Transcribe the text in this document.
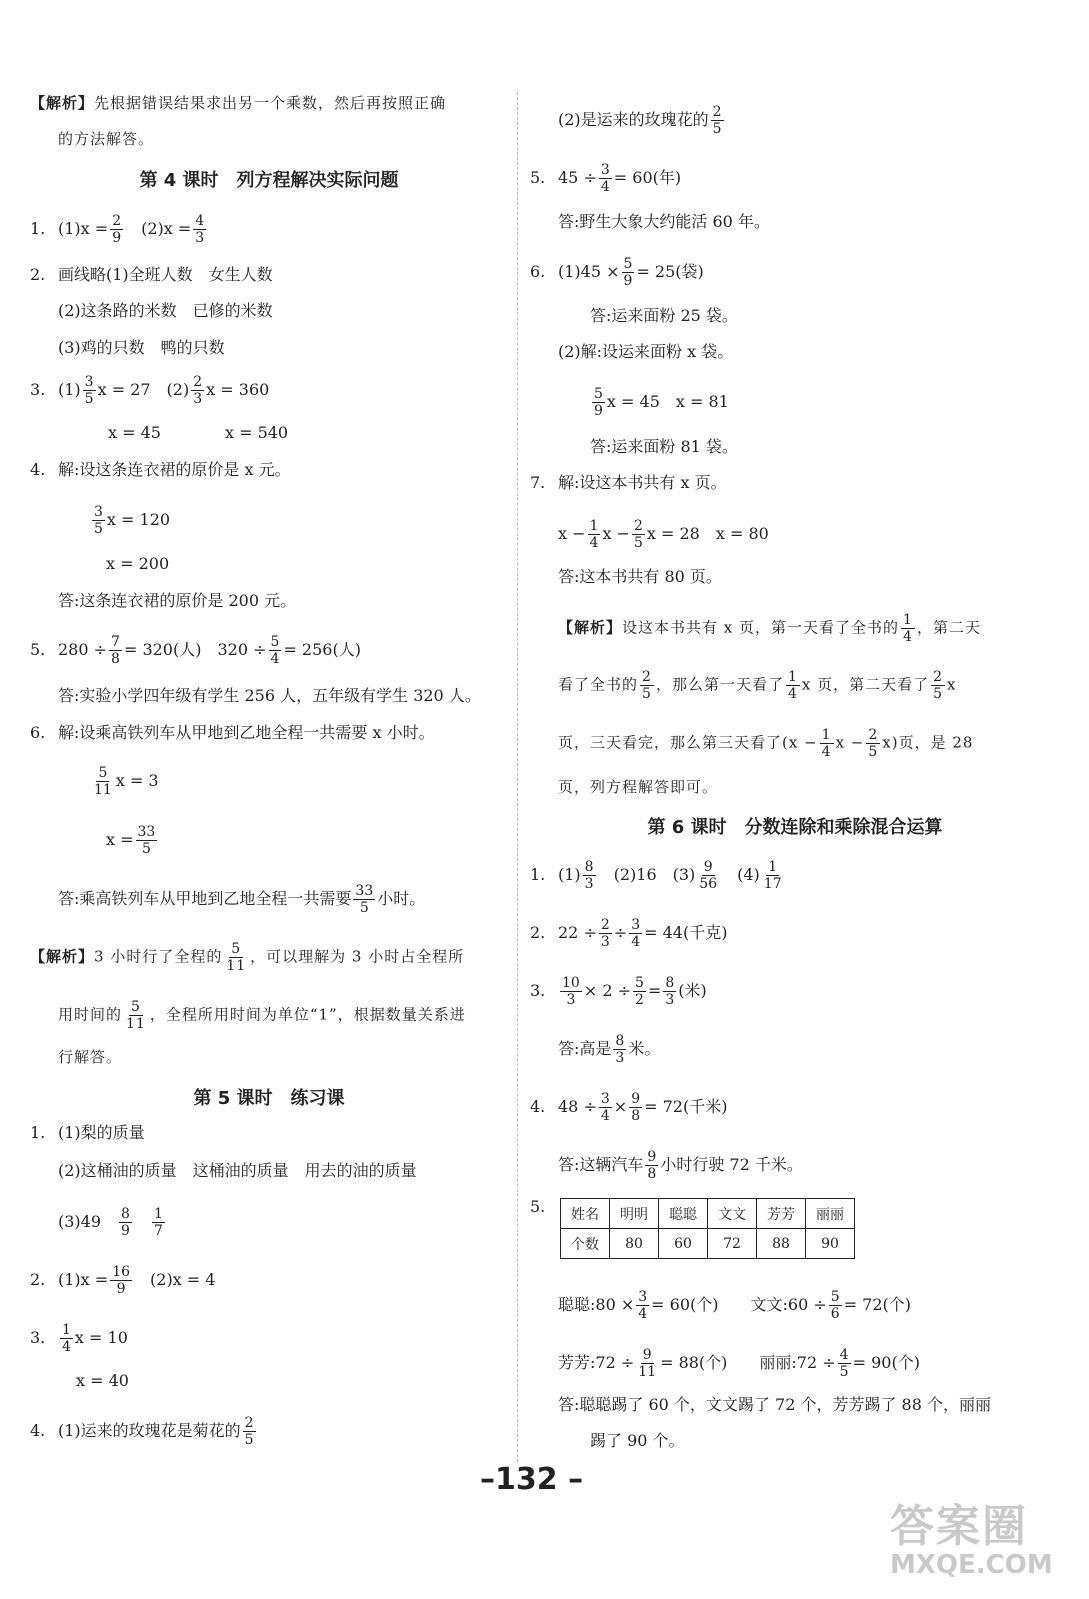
【解析】先根据错误结果求出另一个乘数，然后再按照正确
的方法解答。
第 4 课时　列方程解决实际问题
1. $(1)x = \frac{2}{9}$ 　$(2)x = \frac{4}{3}$
2. 画线略(1)全班人数　女生人数
(2)这条路的米数　已修的米数
(3)鸡的只数　鸭的只数
3. $(1) \frac{3}{5}$ x = 27　$(2) \frac{2}{3}$ x = 360
x = 45　　　　x = 540
4. 解:设这条连衣裙的原价是 x 元。
$\frac{3}{5}$ x = 120
x = 200
答:这条连衣裙的原价是 200 元。
5. $280 \div \frac{7}{8} = 320$(人)　$320 \div \frac{5}{4} = 256$(人)
答:实验小学四年级有学生 256 人，五年级有学生 320 人。
6. 解:设乘高铁列车从甲地到乙地全程一共需要 x 小时。
$\frac{5}{11}$ x = 3
$x = \frac{33}{5}$
答:乘高铁列车从甲地到乙地全程一共需要 $\frac{33}{5}$ 小时。
【解析】3 小时行了全程的 $\frac{5}{11}$ ，可以理解为 3 小时占全程所
用时间的 $\frac{5}{11}$ ，全程所用时间为单位“1”，根据数量关系进
行解答。
第 5 课时　练习课
1. (1)梨的质量
(2)这桶油的质量　这桶油的质量　用去的油的质量
(3)49　 $\frac{8}{9}$
　 $\frac{1}{7}$
2. $(1)x = \frac{16}{9}$ 　(2)x = 4
3. $\frac{1}{4}$ x = 10
x = 40
4. (1)运来的玫瑰花是菊花的 $\frac{2}{5}$
(2)是运来的玫瑰花的 $\frac{2}{5}$
5. $45 \div \frac{3}{4} = 60$(年)
答:野生大象大约能活 60 年。
6. $(1)45 \times \frac{5}{9} = 25$(袋)
答:运来面粉 25 袋。
(2)解:设运来面粉 x 袋。
$\frac{5}{9}$ x = 45　x = 81
答:运来面粉 81 袋。
7. 解:设这本书共有 x 页。
$x - \frac{1}{4}$ $x - \frac{2}{5}$ x = 28　x = 80
答:这本书共有 80 页。
【解析】设这本书共有 x 页，第一天看了全书的 $\frac{1}{4}$ ，第二天
看了全书的 $\frac{2}{5}$ ，那么第一天看了 $\frac{1}{4}$ x 页，第二天看了 $\frac{2}{5}$ x
页，三天看完，那么第三天看了($x - \frac{1}{4}$ $x - \frac{2}{5} x$)页，是 28
页，列方程解答即可。
第 6 课时　分数连除和乘除混合运算
1. $(1) \frac{8}{3}$ 　(2)16　$(3) \frac{9}{56}$ 　$(4) \frac{1}{17}$
2. $22 \div \frac{2}{3} \div \frac{3}{4} = 44$(千克)
3. $\frac{10}{3} \times 2 \div \frac{5}{2} = \frac{8}{3}$ (米)
答:高是 $\frac{8}{3}$ 米。
4. $48 \div \frac{3}{4} \times \frac{9}{8} = 72$(千米)
答:这辆汽车 $\frac{9}{8}$ 小时行驶 72 千米。
5. 姓名	明明	聪聪	文文	芳芳	丽丽
个数	80	60	72	88	90
聪聪:80 × $\frac{3}{4} = 60$(个)　　文文:60 ÷ $\frac{5}{6} = 72$(个)
芳芳:72 ÷ $\frac{9}{11} = 88$(个)　　丽丽:72 ÷ $\frac{4}{5} = 90$(个)
答:聪聪踢了 60 个，文文踢了 72 个，芳芳踢了 88 个，丽丽
踢了 90 个。
–132 –
答案圈
MXQE.COM
